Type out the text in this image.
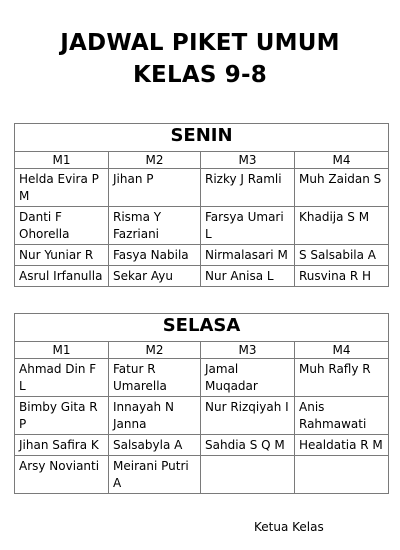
JADWAL PIKET UMUM
KELAS 9-8
SENIN			
M1	M2	M3	M4
Helda Evira P M	Jihan P	Rizky J Ramli	Muh Zaidan S
Danti F Ohorella	Risma Y Fazriani	Farsya Umari L	Khadija S M
Nur Yuniar R	Fasya Nabila	Nirmalasari M	S Salsabila A
Asrul Irfanulla	Sekar Ayu	Nur Anisa L	Rusvina R H
SELASA			
M1	M2	M3	M4
Ahmad Din F L	Fatur R Umarella	Jamal Muqadar	Muh Rafly R
Bimby Gita R P	Innayah N Janna	Nur Rizqiyah I	Anis Rahmawati
Jihan Safira K	Salsabyla A	Sahdia S Q M	Healdatia R M
Arsy Novianti	Meirani Putri A		
Ketua Kelas
